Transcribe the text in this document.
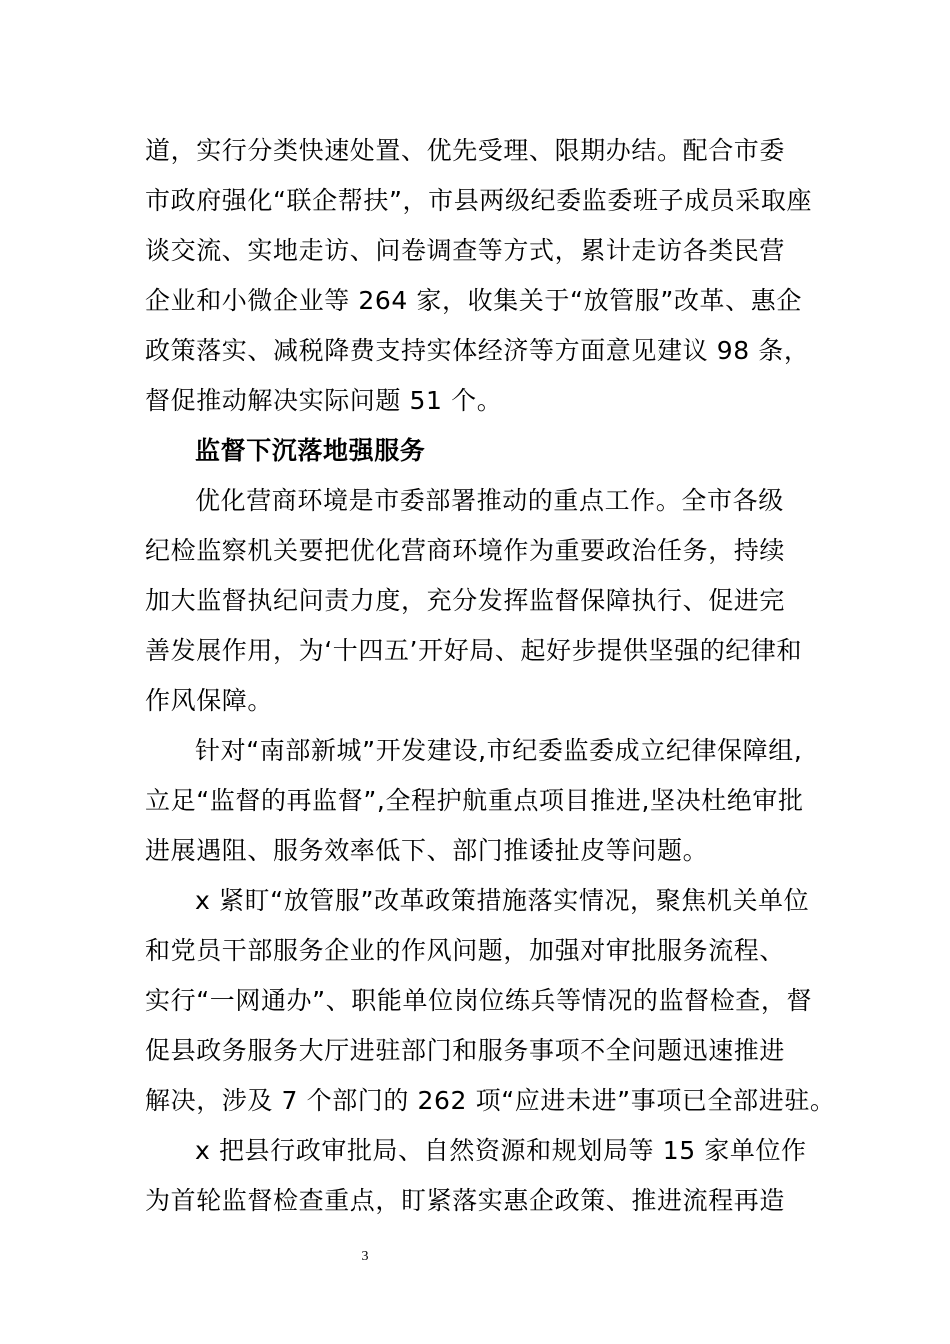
道，实行分类快速处置、优先受理、限期办结。配合市委
市政府强化“联企帮扶”，市县两级纪委监委班子成员采取座
谈交流、实地走访、问卷调查等方式，累计走访各类民营
企业和小微企业等 264 家，收集关于“放管服”改革、惠企
政策落实、减税降费支持实体经济等方面意见建议 98 条，
督促推动解决实际问题 51 个。
监督下沉落地强服务
优化营商环境是市委部署推动的重点工作。全市各级
纪检监察机关要把优化营商环境作为重要政治任务，持续
加大监督执纪问责力度，充分发挥监督保障执行、促进完
善发展作用，为‘十四五’开好局、起好步提供坚强的纪律和
作风保障。
针对“南部新城”开发建设,市纪委监委成立纪律保障组,
立足“监督的再监督”,全程护航重点项目推进,坚决杜绝审批
进展遇阻、服务效率低下、部门推诿扯皮等问题。
x 紧盯“放管服”改革政策措施落实情况，聚焦机关单位
和党员干部服务企业的作风问题，加强对审批服务流程、
实行“一网通办”、职能单位岗位练兵等情况的监督检查，督
促县政务服务大厅进驻部门和服务事项不全问题迅速推进
解决，涉及 7 个部门的 262 项“应进未进”事项已全部进驻。
x 把县行政审批局、自然资源和规划局等 15 家单位作
为首轮监督检查重点，盯紧落实惠企政策、推进流程再造
3
